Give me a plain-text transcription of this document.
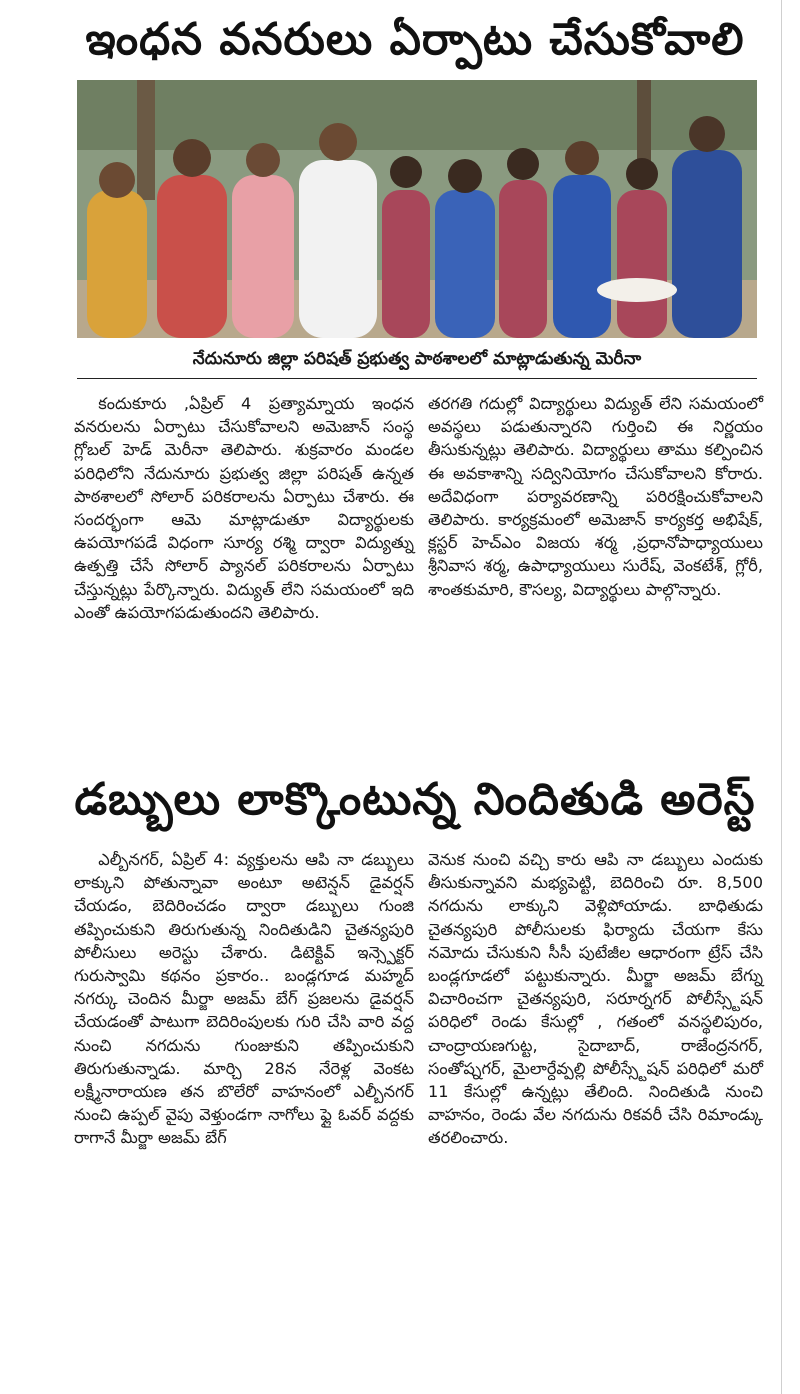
ఇంధన వనరులు ఏర్పాటు చేసుకోవాలి
నేదునూరు జిల్లా పరిషత్ ప్రభుత్వ పాఠశాలలో మాట్లాడుతున్న మెరీనా

కందుకూరు ,ఏప్రిల్ 4 ప్రత్యామ్నాయ ఇంధన వనరులను ఏర్పాటు చేసుకోవాలని అమెజాన్ సంస్థ గ్లోబల్ హెడ్ మెరీనా తెలిపారు. శుక్రవారం మండల పరిధిలోని నేదునూరు ప్రభుత్వ జిల్లా పరిషత్ ఉన్నత పాఠశాలలో సోలార్ పరికరాలను ఏర్పాటు చేశారు. ఈ సందర్భంగా ఆమె మాట్లాడుతూ విద్యార్థులకు ఉపయోగపడే విధంగా సూర్య రశ్మి ద్వారా విద్యుత్ను ఉత్పత్తి చేసే సోలార్ ప్యానల్ పరికరాలను ఏర్పాటు చేస్తున్నట్లు పేర్కొన్నారు. విద్యుత్ లేని సమయంలో ఇది ఎంతో ఉపయోగపడుతుందని తెలిపారు.

తరగతి గదుల్లో విద్యార్థులు విద్యుత్ లేని సమయంలో అవస్థలు పడుతున్నారని గుర్తించి ఈ నిర్ణయం తీసుకున్నట్లు తెలిపారు. విద్యార్థులు తాము కల్పించిన ఈ అవకాశాన్ని సద్వినియోగం చేసుకోవాలని కోరారు. అదేవిధంగా పర్యావరణాన్ని పరిరక్షించుకోవాలని తెలిపారు. కార్యక్రమంలో అమెజాన్ కార్యకర్త అభిషేక్, క్లస్టర్ హెచ్ఎం విజయ శర్మ ,ప్రధానోపాధ్యాయులు శ్రీనివాస శర్మ, ఉపాధ్యాయులు సురేష్, వెంకటేశ్, గ్లోరీ, శాంతకుమారి, కౌసల్య, విద్యార్థులు పాల్గొన్నారు.

డబ్బులు లాక్కొంటున్న నిందితుడి అరెస్ట్

ఎల్బీనగర్, ఏప్రిల్ 4: వ్యక్తులను ఆపి నా డబ్బులు లాక్కుని పోతున్నావా అంటూ అటెన్షన్ డైవర్షన్ చేయడం, బెదిరించడం ద్వారా డబ్బులు గుంజి తప్పించుకుని తిరుగుతున్న నిందితుడిని చైతన్యపురి పోలీసులు అరెస్టు చేశారు. డిటెక్టివ్ ఇన్స్పెక్టర్ గురుస్వామి కథనం ప్రకారం.. బండ్లగూడ మహ్మద్ నగర్కు చెందిన మీర్జా అజమ్ బేగ్ ప్రజలను డైవర్షన్ చేయడంతో పాటుగా బెదిరింపులకు గురి చేసి వారి వద్ద నుంచి నగదును గుంజుకుని తప్పించుకుని తిరుగుతున్నాడు. మార్చి 28న నేరెళ్ల వెంకట లక్ష్మీనారాయణ తన బొలేరో వాహనంలో ఎల్బీనగర్ నుంచి ఉప్పల్ వైపు వెళ్తుండగా నాగోలు ఫ్లై ఓవర్ వద్దకు రాగానే మీర్జా అజమ్ బేగ్

వెనుక నుంచి వచ్చి కారు ఆపి నా డబ్బులు ఎందుకు తీసుకున్నావని మభ్యపెట్టి, బెదిరించి రూ. 8,500 నగదును లాక్కుని వెళ్లిపోయాడు. బాధితుడు చైతన్యపురి పోలీసులకు ఫిర్యాదు చేయగా కేసు నమోదు చేసుకుని సీసీ పుటేజీల ఆధారంగా ట్రేస్ చేసి బండ్లగూడలో పట్టుకున్నారు. మీర్జా అజమ్ బేగ్ను విచారించగా చైతన్యపురి, సరూర్నగర్ పోలీస్స్టేషన్ పరిధిలో రెండు కేసుల్లో , గతంలో వనస్థలిపురం, చాంద్రాయణగుట్ట, సైదాబాద్, రాజేంద్రనగర్, సంతోష్నగర్, మైలార్దేవ్పల్లి పోలీస్స్టేషన్ పరిధిలో మరో 11 కేసుల్లో ఉన్నట్లు తేలింది. నిందితుడి నుంచి వాహనం, రెండు వేల నగదును రికవరీ చేసి రిమాండ్కు తరలించారు.
